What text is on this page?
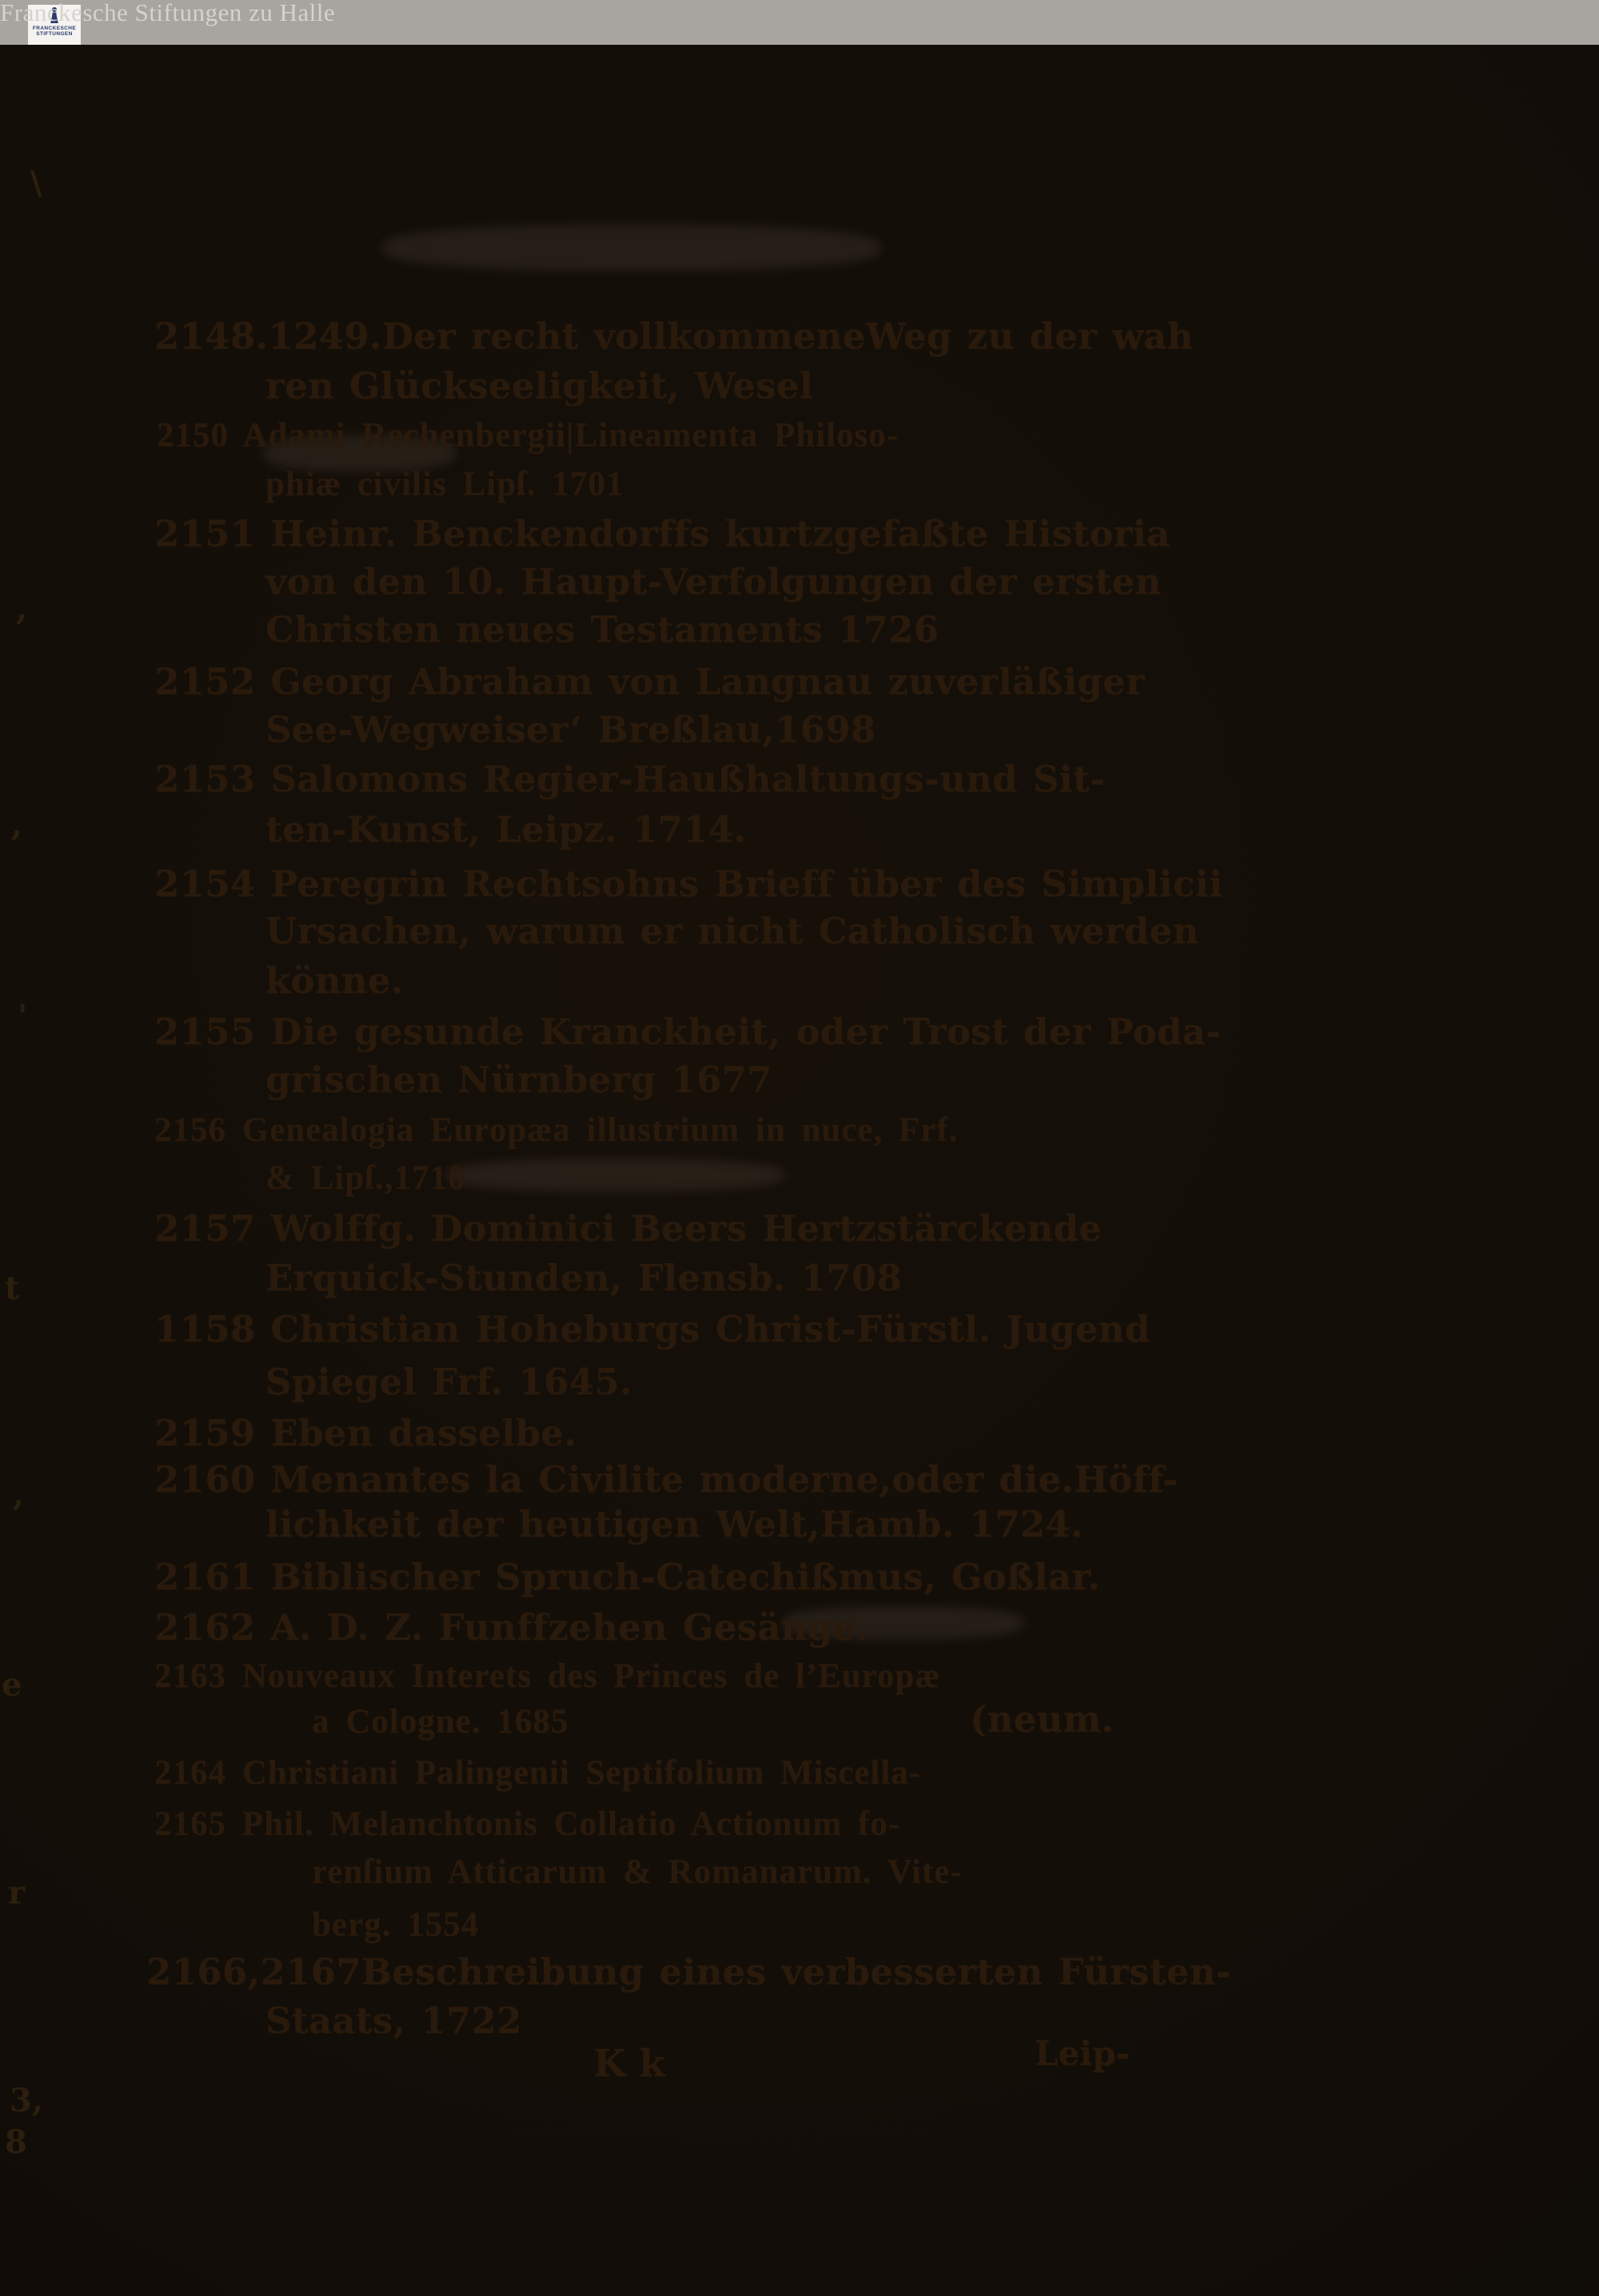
2148.1249.Der recht vollkommeneWeg zu der wah
ren Glückseeligkeit, Wesel
2150 Adami Rechenbergii|Lineamenta Philoso-
phiæ civilis Lipſ. 1701
2151 Heinr. Benckendorffs kurtzgefaßte Historia
von den 10. Haupt-Verfolgungen der ersten
Christen neues Testaments 1726
2152 Georg Abraham von Langnau zuverläßiger
See-Wegweiser‘ Breßlau,1698
2153 Salomons Regier-Haußhaltungs-und Sit-
ten-Kunst, Leipz. 1714.
2154 Peregrin Rechtsohns Brieff über des Simplicii
Ursachen, warum er nicht Catholisch werden
könne.
2155 Die gesunde Kranckheit, oder Trost der Poda-
grischen Nürnberg 1677
2156 Genealogia Europæa illustrium in nuce, Frf.
& Lipſ.,1710
2157 Wolffg. Dominici Beers Hertzstärckende
Erquick-Stunden, Flensb. 1708
1158 Christian Hoheburgs Christ-Fürstl. Jugend
Spiegel Frf. 1645.
2159 Eben dasselbe.
2160 Menantes la Civilite moderne,oder die.Höff-
lichkeit der heutigen Welt,Hamb. 1724.
2161 Biblischer Spruch-Catechißmus, Goßlar.
2162 A. D. Z. Funffzehen Gesänge.
2163 Nouveaux Interets des Princes de l’Europæ
a Cologne. 1685	(neum.
2164 Christiani Palingenii Septifolium Miscella-
2165 Phil. Melanchtonis Collatio Actionum fo-
renſium Atticarum & Romanarum. Vite-
berg. 1554
2166,2167Beschreibung eines verbesserten Fürsten-
Staats, 1722
K k	Leip-
\
,
,
'
t
,
e
r
3,
8
FRANCKESCHE
STIFTUNGEN
Franckesche Stiftungen zu Halle
